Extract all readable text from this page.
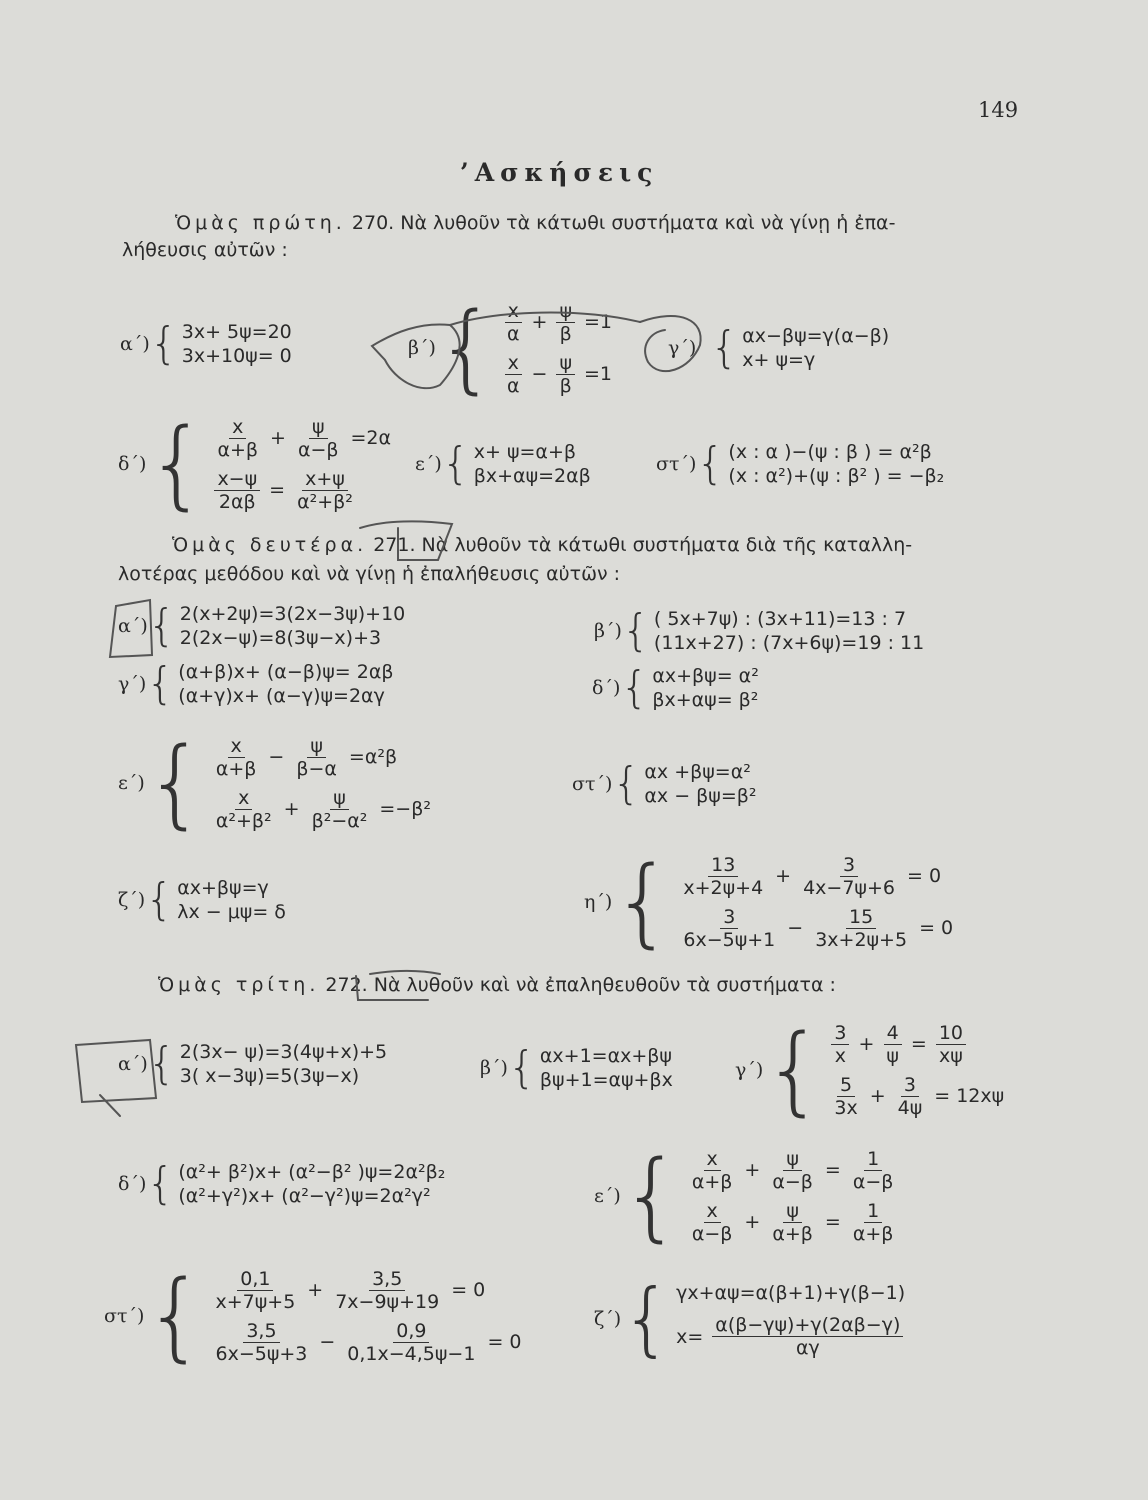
149
’Ασκήσεις
Ὁμὰς πρώτη. 270. Νὰ λυθοῦν τὰ κάτωθι συστήματα καὶ νὰ γίνῃ ἡ ἐπα-
λήθευσις αὐτῶν :
α΄) { 3x+ 5ψ=20
3x+10ψ= 0	β΄) { $\frac{x}{\alpha} + \frac{\psi}{\beta} =1$
$\frac{x}{\alpha} - \frac{\psi}{\beta} =1$
γ΄) { αx−βψ=γ(α−β)
x+ ψ=γ
δ΄) { $\frac{x}{\alpha+\beta} + \frac{\psi}{\alpha-\beta} =2\alpha$
$\frac{x-\psi}{2\alpha\beta} = \frac{x+\psi}{\text{α²+β²}}$
ε΄) { x+ ψ=α+β
βx+αψ=2αβ
στ΄) { (x : α )−(ψ : β ) = α²β
(x : α²)+(ψ : β² ) = −β₂
Ὁμὰς δευτέρα. 271. Νὰ λυθοῦν τὰ κάτωθι συστήματα διὰ τῆς καταλλη-
λοτέρας μεθόδου καὶ νὰ γίνῃ ἡ ἐπαλήθευσις αὐτῶν :
α΄) { 2(x+2ψ)=3(2x−3ψ)+10
2(2x−ψ)=8(3ψ−x)+3	β΄) { ( 5x+7ψ) : (3x+11)=13 : 7
(11x+27) : (7x+6ψ)=19 : 11
γ΄) { (α+β)x+ (α−β)ψ= 2αβ
(α+γ)x+ (α−γ)ψ=2αγ	δ΄) { αx+βψ= α²
βx+αψ= β²
ε΄) { $\frac{x}{\alpha+\beta} - \frac{\psi}{\beta-\alpha} =\alpha^2\beta$
$\frac{x}{\text{α²+β²}} + \frac{\psi}{\text{β²−α²}} =-\beta^2$
στ΄) { αx +βψ=α²
αx − βψ=β²
ζ΄) { αx+βψ=γ
λx − μψ= δ	η΄) { $\frac{13}{x+2\psi+4} + \frac{3}{4x-7\psi+6} = 0$
$\frac{3}{6x-5\psi+1} - \frac{15}{3x+2\psi+5} = 0$
Ὁμὰς τρίτη. 272. Νὰ λυθοῦν καὶ νὰ ἐπαληθευθοῦν τὰ συστήματα :
α΄) { 2(3x− ψ)=3(4ψ+x)+5
3( x−3ψ)=5(3ψ−x)	β΄) { αx+1=αx+βψ
βψ+1=αψ+βx	γ΄) { $\frac{3}{x} + \frac{4}{\psi} = \frac{10}{x\psi}$
$\frac{5}{3x} + \frac{3}{4\psi} = 12x\psi$
δ΄) { (α²+ β²)x+ (α²−β² )ψ=2α²β₂
(α²+γ²)x+ (α²−γ²)ψ=2α²γ²	ε΄) { $\frac{x}{\alpha+\beta} + \frac{\psi}{\alpha-\beta} = \frac{1}{\alpha-\beta}$
$\frac{x}{\alpha-\beta} + \frac{\psi}{\alpha+\beta} = \frac{1}{\alpha+\beta}$
στ΄) { $\frac{0,1}{x+7\psi+5} + \frac{3,5}{7x-9\psi+19} = 0$
$\frac{3,5}{6x-5\psi+3} - \frac{0,9}{0,1x-4,5\psi-1} = 0$
ζ΄) { γx+αψ=α(β+1)+γ(β−1)
$x= \frac{\alpha(\beta-\gamma\psi)+\gamma(2\alpha\beta-\gamma)}{\alpha\gamma}$
